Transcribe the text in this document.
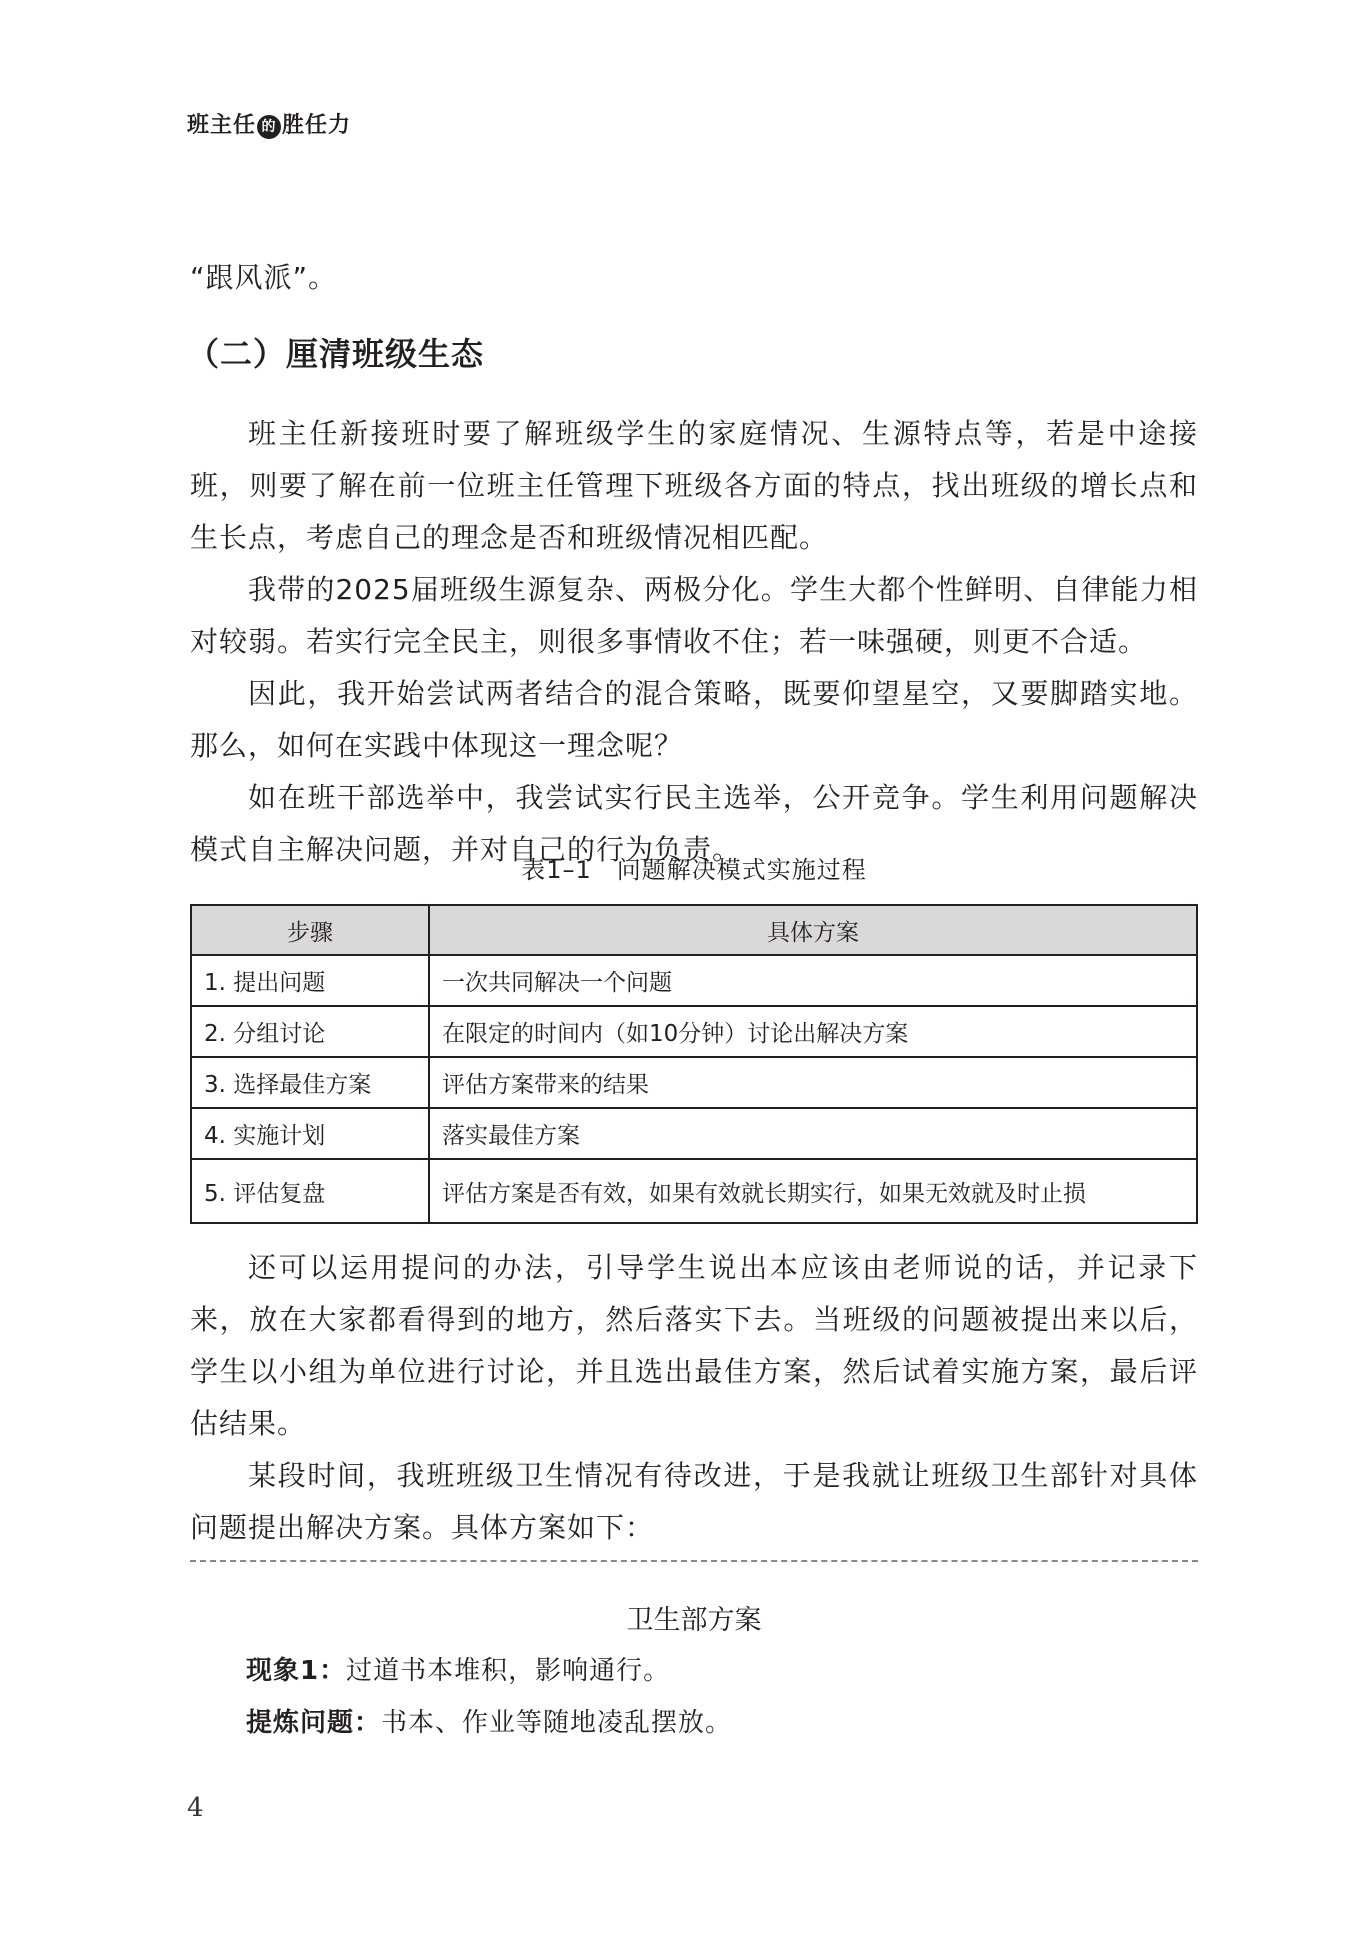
班主任 的 胜任力
“跟风派”。
（二）厘清班级生态
班主任新接班时要了解班级学生的家庭情况、生源特点等，若是中途接班，则要了解在前一位班主任管理下班级各方面的特点，找出班级的增长点和生长点，考虑自己的理念是否和班级情况相匹配。
我带的2025届班级生源复杂、两极分化。学生大都个性鲜明、自律能力相对较弱。若实行完全民主，则很多事情收不住；若一味强硬，则更不合适。
因此，我开始尝试两者结合的混合策略，既要仰望星空，又要脚踏实地。那么，如何在实践中体现这一理念呢？
如在班干部选举中，我尝试实行民主选举，公开竞争。学生利用问题解决模式自主解决问题，并对自己的行为负责。
表1–1　问题解决模式实施过程
步骤	具体方案
1. 提出问题	一次共同解决一个问题
2. 分组讨论	在限定的时间内（如10分钟）讨论出解决方案
3. 选择最佳方案	评估方案带来的结果
4. 实施计划	落实最佳方案
5. 评估复盘	评估方案是否有效，如果有效就长期实行，如果无效就及时止损
还可以运用提问的办法，引导学生说出本应该由老师说的话，并记录下来，放在大家都看得到的地方，然后落实下去。当班级的问题被提出来以后，学生以小组为单位进行讨论，并且选出最佳方案，然后试着实施方案，最后评估结果。
某段时间，我班班级卫生情况有待改进，于是我就让班级卫生部针对具体问题提出解决方案。具体方案如下：
卫生部方案
现象1：过道书本堆积，影响通行。
提炼问题：书本、作业等随地凌乱摆放。
4
